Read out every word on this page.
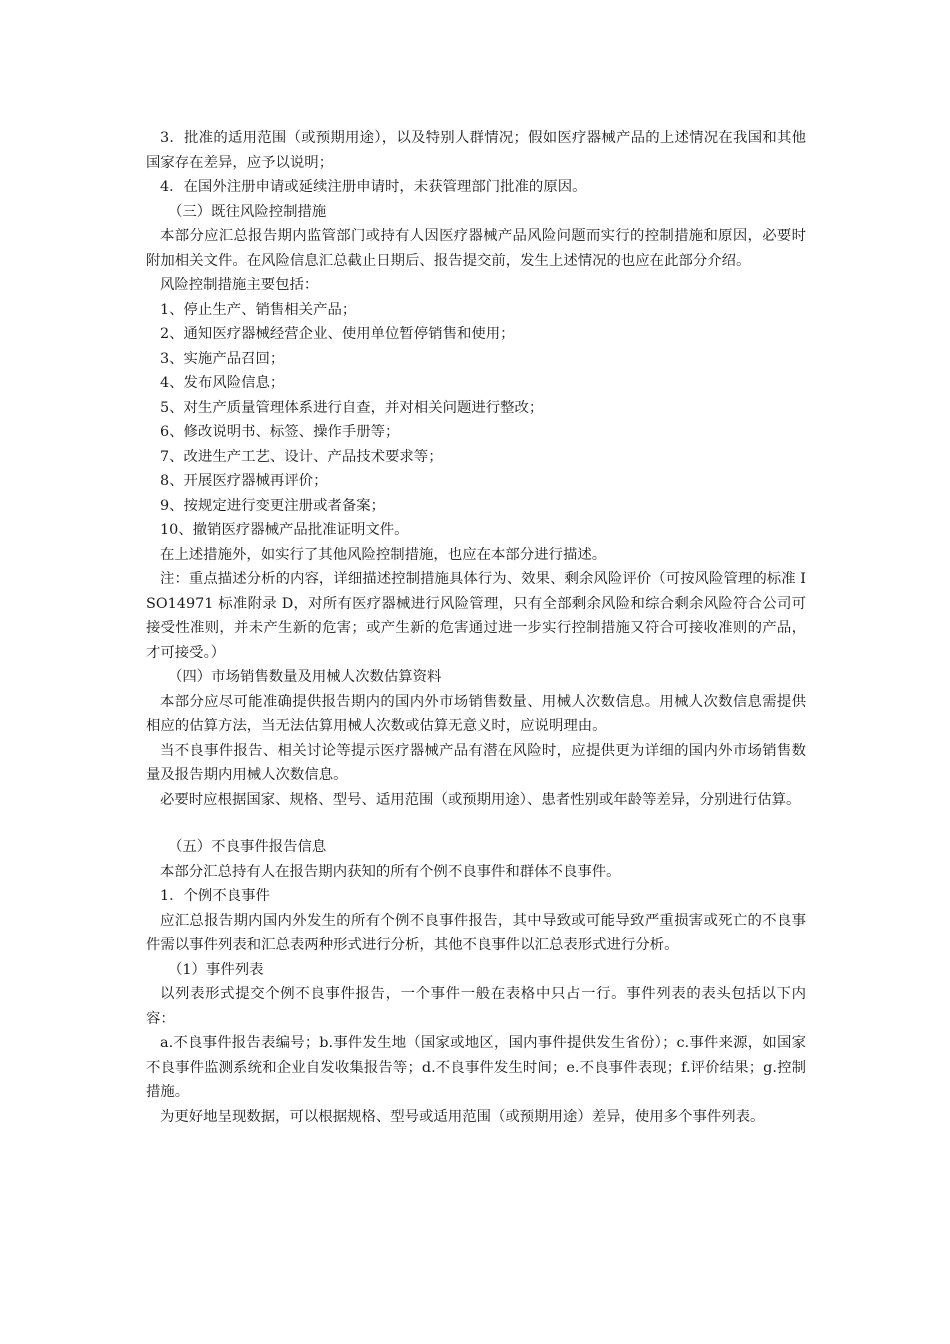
3．批准的适用范围（或预期用途），以及特别人群情况；假如医疗器械产品的上述情况在我国和其他国家存在差异，应予以说明；

4．在国外注册申请或延续注册申请时，未获管理部门批准的原因。

（三）既往风险控制措施

本部分应汇总报告期内监管部门或持有人因医疗器械产品风险问题而实行的控制措施和原因，必要时附加相关文件。在风险信息汇总截止日期后、报告提交前，发生上述情况的也应在此部分介绍。

风险控制措施主要包括：

1、停止生产、销售相关产品；

2、通知医疗器械经营企业、使用单位暂停销售和使用；

3、实施产品召回；

4、发布风险信息；

5、对生产质量管理体系进行自查，并对相关问题进行整改；

6、修改说明书、标签、操作手册等；

7、改进生产工艺、设计、产品技术要求等；

8、开展医疗器械再评价；

9、按规定进行变更注册或者备案；

10、撤销医疗器械产品批准证明文件。

在上述措施外，如实行了其他风险控制措施，也应在本部分进行描述。

注：重点描述分析的内容，详细描述控制措施具体行为、效果、剩余风险评价（可按风险管理的标准 ISO14971 标准附录 D，对所有医疗器械进行风险管理，只有全部剩余风险和综合剩余风险符合公司可接受性准则，并未产生新的危害；或产生新的危害通过进一步实行控制措施又符合可接收准则的产品，才可接受。）

（四）市场销售数量及用械人次数估算资料

本部分应尽可能准确提供报告期内的国内外市场销售数量、用械人次数信息。用械人次数信息需提供相应的估算方法，当无法估算用械人次数或估算无意义时，应说明理由。

当不良事件报告、相关讨论等提示医疗器械产品有潜在风险时，应提供更为详细的国内外市场销售数量及报告期内用械人次数信息。

必要时应根据国家、规格、型号、适用范围（或预期用途）、患者性别或年龄等差异，分别进行估算。

（五）不良事件报告信息

本部分汇总持有人在报告期内获知的所有个例不良事件和群体不良事件。

1．个例不良事件

应汇总报告期内国内外发生的所有个例不良事件报告，其中导致或可能导致严重损害或死亡的不良事件需以事件列表和汇总表两种形式进行分析，其他不良事件以汇总表形式进行分析。

（1）事件列表

以列表形式提交个例不良事件报告，一个事件一般在表格中只占一行。事件列表的表头包括以下内容：

a.不良事件报告表编号；b.事件发生地（国家或地区，国内事件提供发生省份）；c.事件来源，如国家不良事件监测系统和企业自发收集报告等；d.不良事件发生时间；e.不良事件表现；f.评价结果；g.控制措施。

为更好地呈现数据，可以根据规格、型号或适用范围（或预期用途）差异，使用多个事件列表。
